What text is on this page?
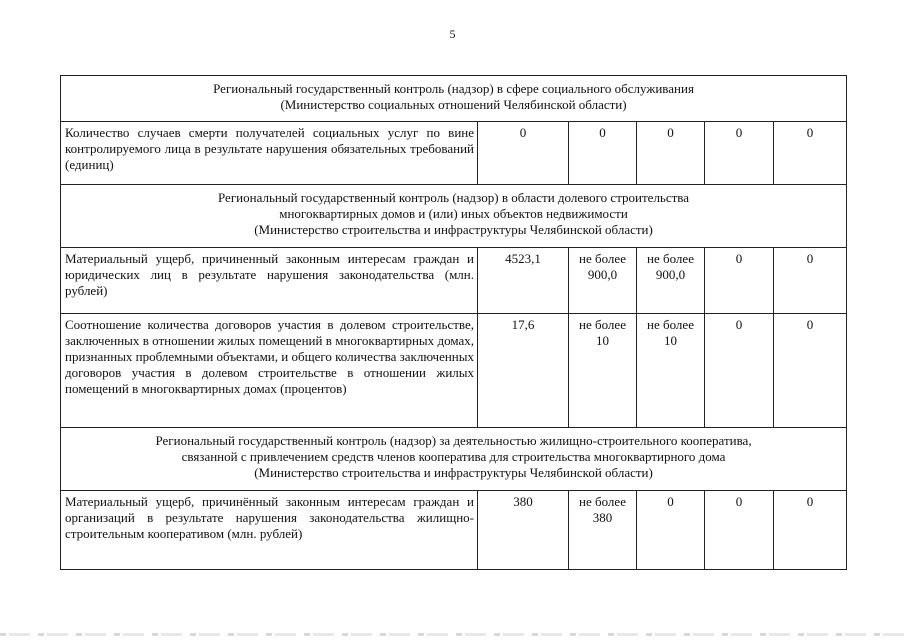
5
Региональный государственный контроль (надзор) в сфере социального обслуживания
(Министерство социальных отношений Челябинской области)					

Количество случаев смерти получателей социальных услуг по вине контролируемого лица в результате нарушения обязательных требований (единиц)	0	0	0	0	0

Региональный государственный контроль (надзор) в области долевого строительства
многоквартирных домов и (или) иных объектов недвижимости
(Министерство строительства и инфраструктуры Челябинской области)					

Материальный ущерб, причиненный законным интересам граждан и юридических лиц в результате нарушения законодательства (млн. рублей)	4523,1	не более 900,0	не более 900,0	0	0
Соотношение количества договоров участия в долевом строительстве, заключенных в отношении жилых помещений в многоквартирных домах, признанных проблемными объектами, и общего количества заключенных договоров участия в долевом строительстве в отношении жилых помещений в многоквартирных домах (процентов)	17,6	не более 10	не более 10	0	0

Региональный государственный контроль (надзор) за деятельностью жилищно-строительного кооператива,
связанной с привлечением средств членов кооператива для строительства многоквартирного дома
(Министерство строительства и инфраструктуры Челябинской области)					

Материальный ущерб, причинённый законным интересам граждан и организаций в результате нарушения законодательства жилищно-строительным кооперативом (млн. рублей)	380	не более 380	0	0	0
